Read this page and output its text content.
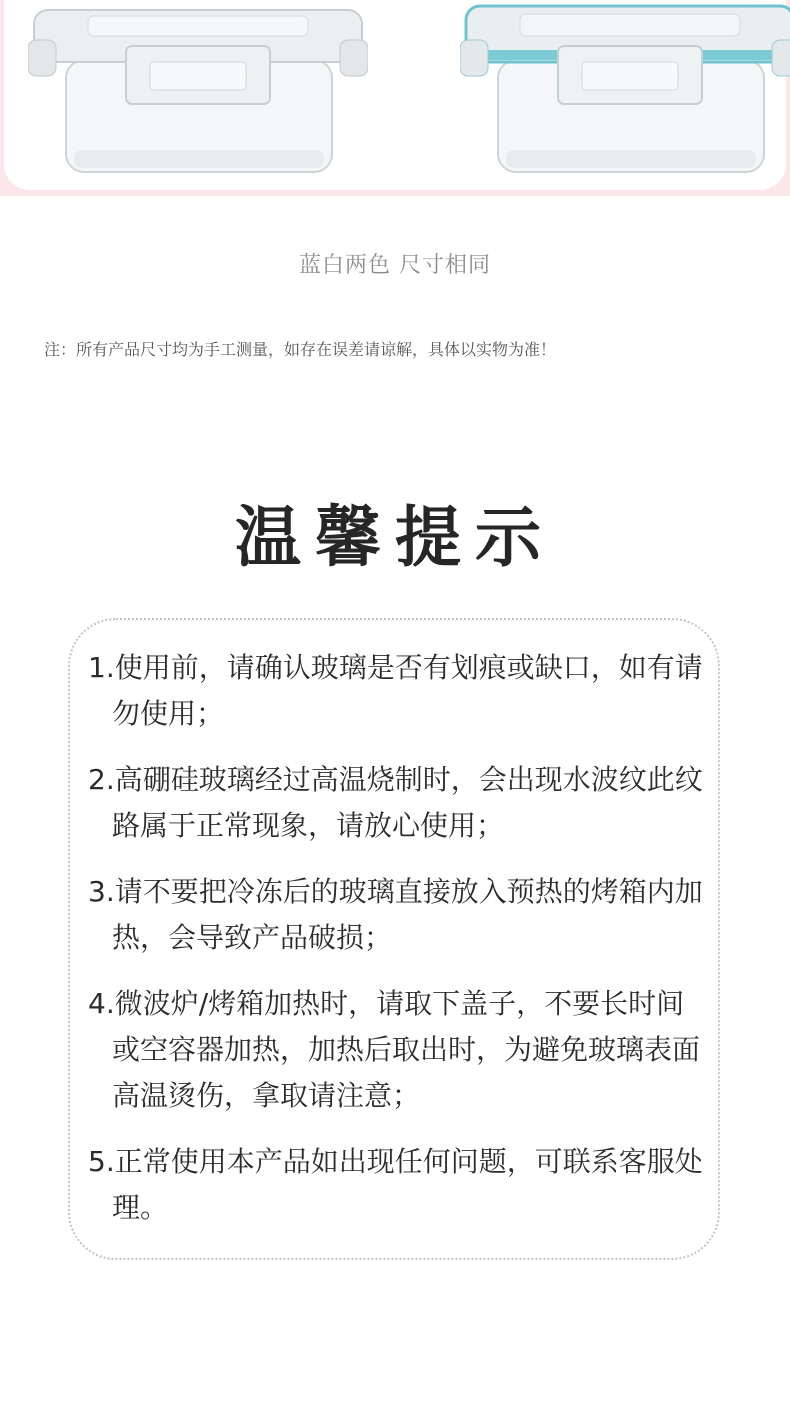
蓝白两色 尺寸相同
注：所有产品尺寸均为手工测量，如存在误差请谅解，具体以实物为准！
温馨提示
1.使用前，请确认玻璃是否有划痕或缺口，如有请勿使用；
2.高硼硅玻璃经过高温烧制时，会出现水波纹此纹路属于正常现象，请放心使用；
3.请不要把冷冻后的玻璃直接放入预热的烤箱内加热，会导致产品破损；
4.微波炉/烤箱加热时，请取下盖子，不要长时间或空容器加热，加热后取出时，为避免玻璃表面高温烫伤，拿取请注意；
5.正常使用本产品如出现任何问题，可联系客服处理。
